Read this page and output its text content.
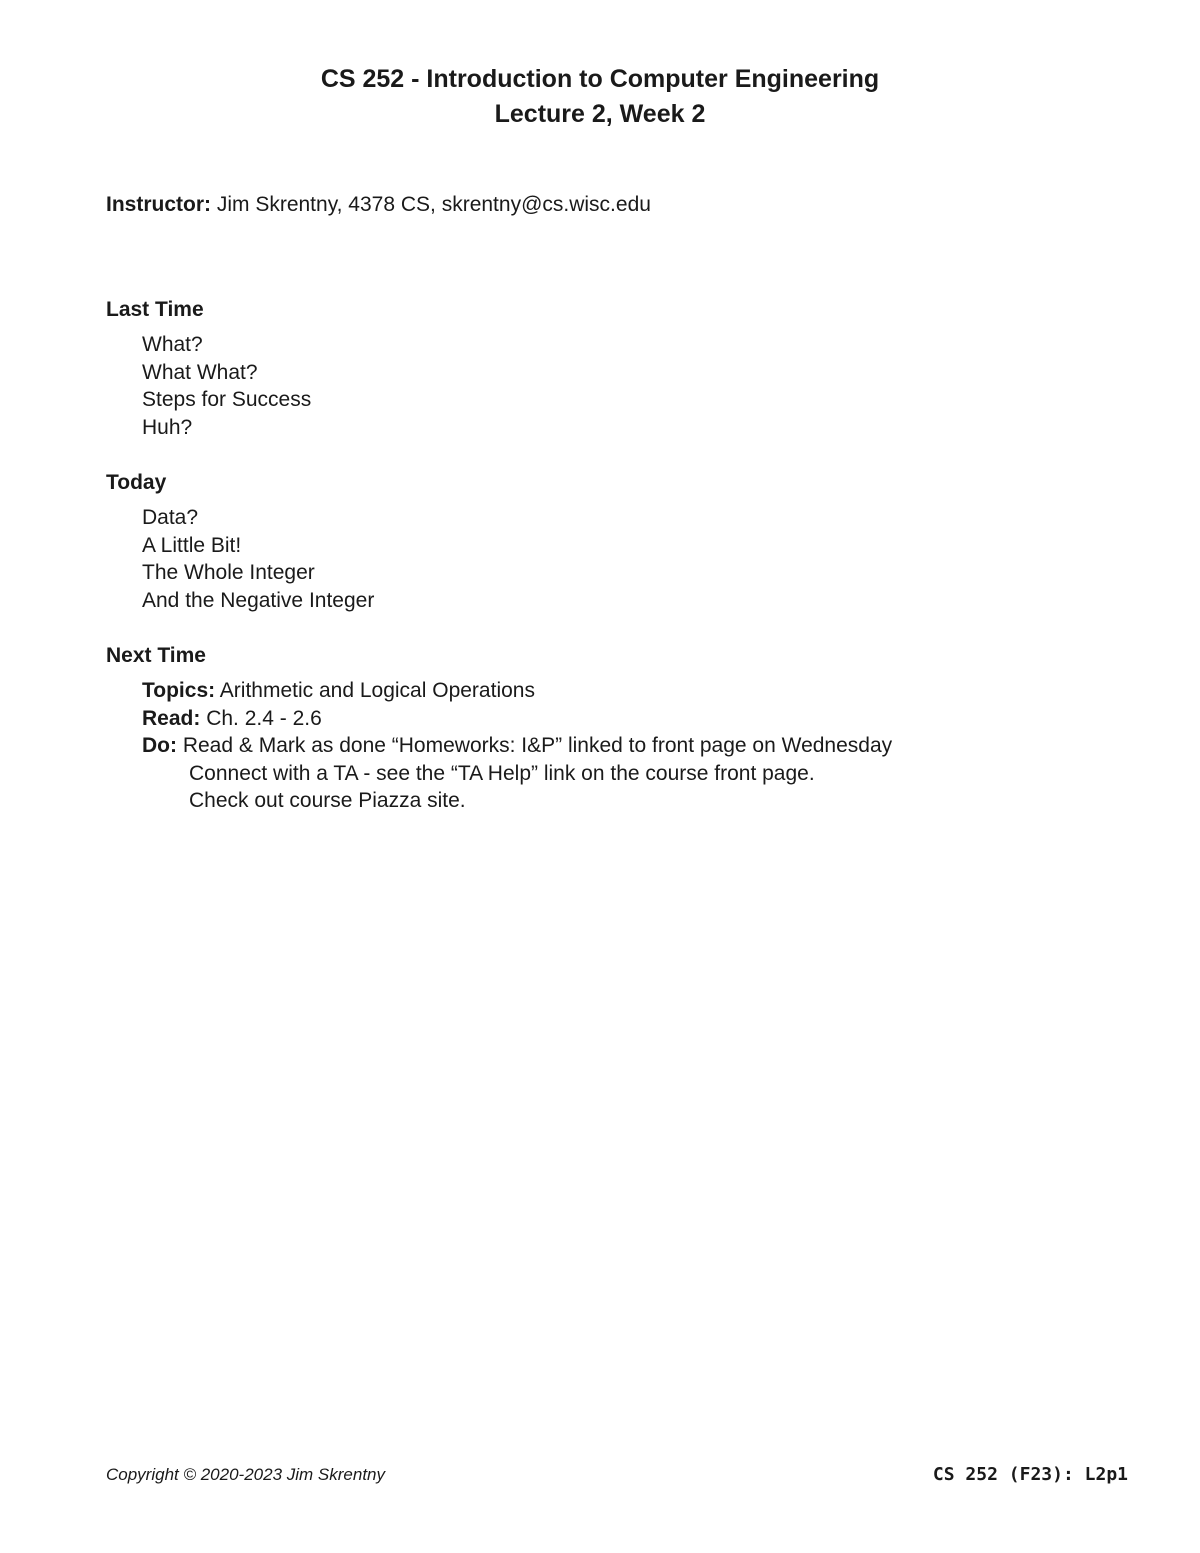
CS 252 - Introduction to Computer Engineering
Lecture 2, Week 2
Instructor: Jim Skrentny, 4378 CS, skrentny@cs.wisc.edu
Last Time
What?
What What?
Steps for Success
Huh?
Today
Data?
A Little Bit!
The Whole Integer
And the Negative Integer
Next Time
Topics: Arithmetic and Logical Operations
Read: Ch. 2.4 - 2.6
Do: Read & Mark as done “Homeworks: I&P” linked to front page on Wednesday
Connect with a TA - see the “TA Help” link on the course front page.
Check out course Piazza site.
Copyright © 2020-2023 Jim Skrentny	CS 252 (F23): L2p1
